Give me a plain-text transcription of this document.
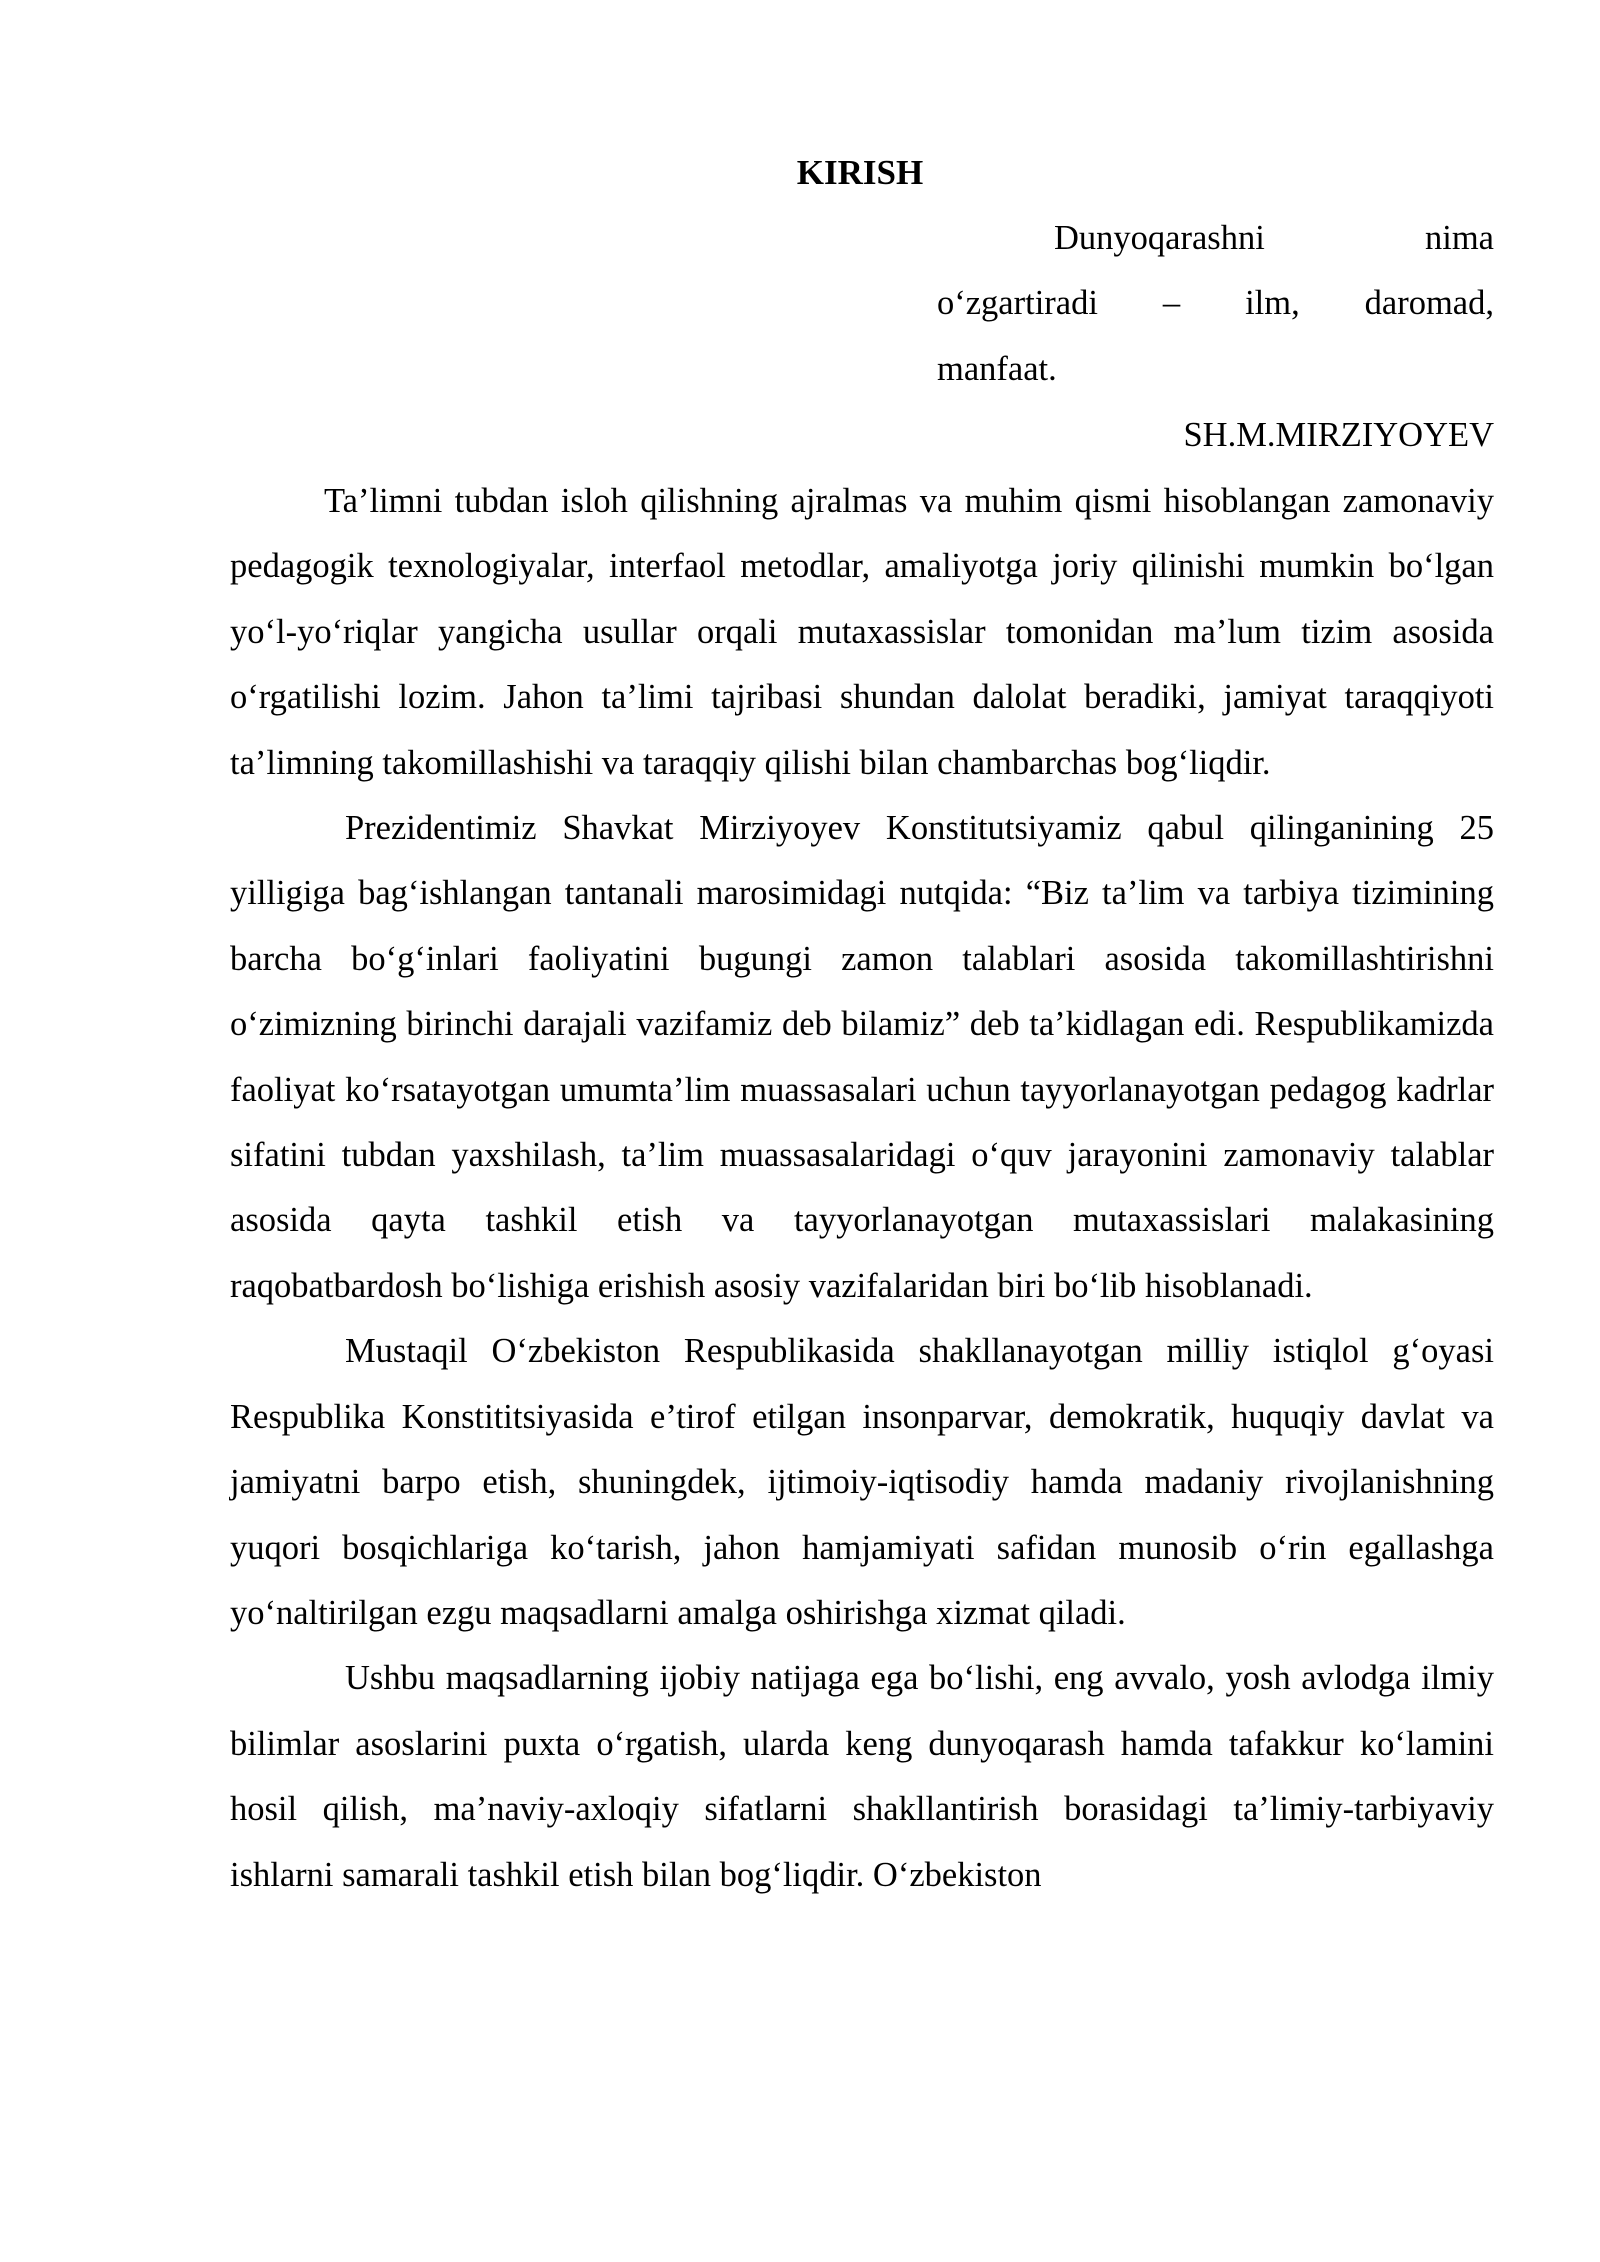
KIRISH
Dunyoqarashni nima
o‘zgartiradi – ilm, daromad,
manfaat.
SH.M.MIRZIYOYEV

Ta’limni tubdan isloh qilishning ajralmas va muhim qismi hisoblangan zamonaviy pedagogik texnologiyalar, interfaol metodlar, amaliyotga joriy qilinishi mumkin bo‘lgan yo‘l-yo‘riqlar yangicha usullar orqali mutaxassislar tomonidan ma’lum tizim asosida o‘rgatilishi lozim. Jahon ta’limi tajribasi shundan dalolat beradiki, jamiyat taraqqiyoti ta’limning takomillashishi va taraqqiy qilishi bilan chambarchas bog‘liqdir.

Prezidentimiz Shavkat Mirziyoyev Konstitutsiyamiz qabul qilinganining 25 yilligiga bag‘ishlangan tantanali marosimidagi nutqida: “Biz ta’lim va tarbiya tizimining barcha bo‘g‘inlari faoliyatini bugungi zamon talablari asosida takomillashtirishni o‘zimizning birinchi darajali vazifamiz deb bilamiz” deb ta’kidlagan edi. Respublikamizda faoliyat ko‘rsatayotgan umumta’lim muassasalari uchun tayyorlanayotgan pedagog kadrlar sifatini tubdan yaxshilash, ta’lim muassasalaridagi o‘quv jarayonini zamonaviy talablar asosida qayta tashkil etish va tayyorlanayotgan mutaxassislari malakasining raqobatbardosh bo‘lishiga erishish asosiy vazifalaridan biri bo‘lib hisoblanadi.

Mustaqil O‘zbekiston Respublikasida shakllanayotgan milliy istiqlol g‘oyasi Respublika Konstititsiyasida e’tirof etilgan insonparvar, demokratik, huquqiy davlat va jamiyatni barpo etish, shuningdek, ijtimoiy-iqtisodiy hamda madaniy rivojlanishning yuqori bosqichlariga ko‘tarish, jahon hamjamiyati safidan munosib o‘rin egallashga yo‘naltirilgan ezgu maqsadlarni amalga oshirishga xizmat qiladi.

Ushbu maqsadlarning ijobiy natijaga ega bo‘lishi, eng avvalo, yosh avlodga ilmiy bilimlar asoslarini puxta o‘rgatish, ularda keng dunyoqarash hamda tafakkur ko‘lamini hosil qilish, ma’naviy-axloqiy sifatlarni shakllantirish borasidagi ta’limiy-tarbiyaviy ishlarni samarali tashkil etish bilan bog‘liqdir. O‘zbekiston
